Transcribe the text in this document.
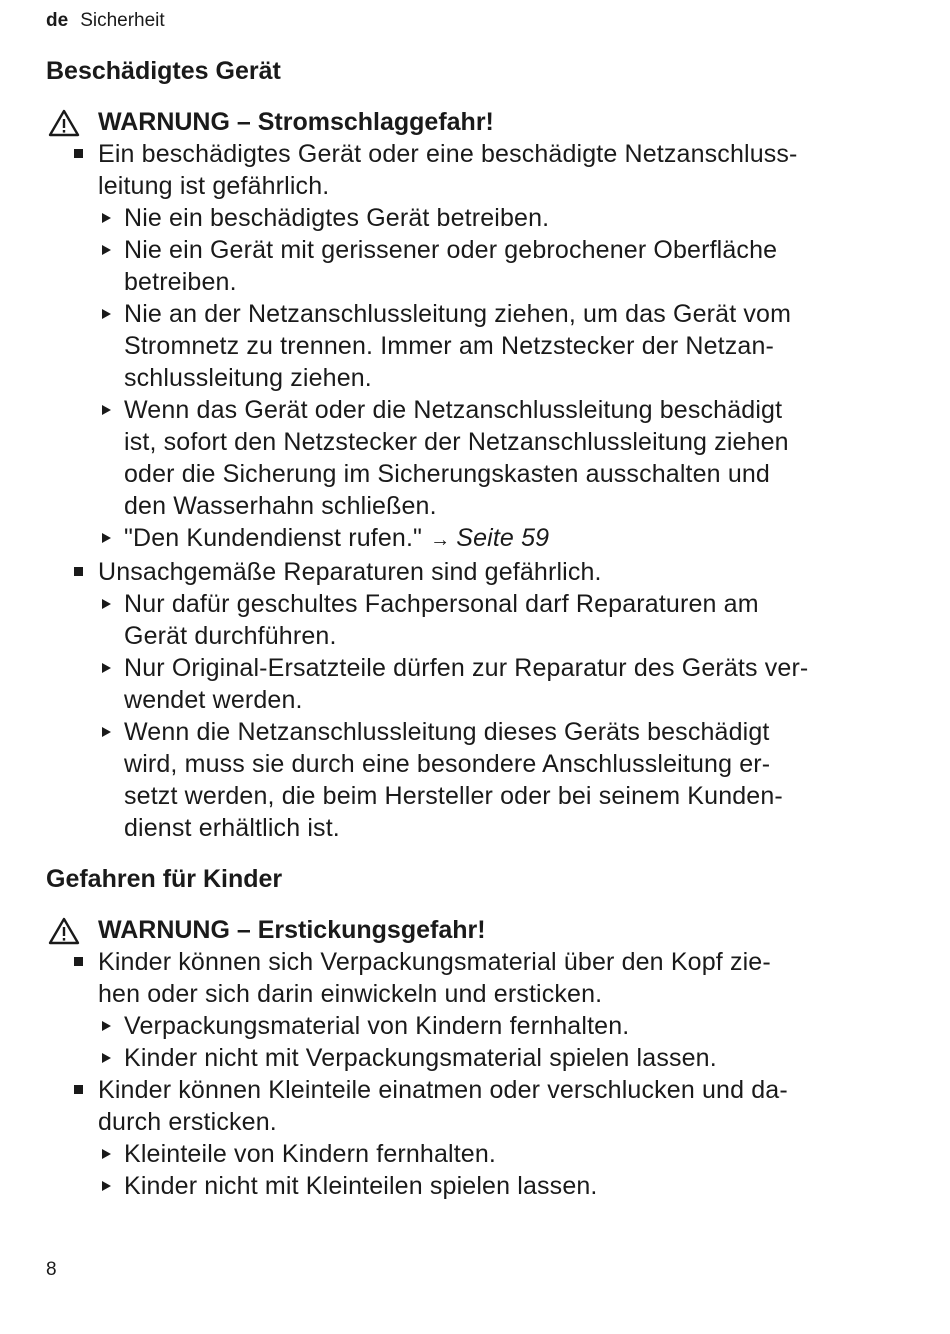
de Sicherheit
Beschädigtes Gerät
WARNUNG – Stromschlaggefahr!
Ein beschädigtes Gerät oder eine beschädigte Netzanschluss-
leitung ist gefährlich.
Nie ein beschädigtes Gerät betreiben.
Nie ein Gerät mit gerissener oder gebrochener Oberfläche
betreiben.
Nie an der Netzanschlussleitung ziehen, um das Gerät vom
Stromnetz zu trennen. Immer am Netzstecker der Netzan-
schlussleitung ziehen.
Wenn das Gerät oder die Netzanschlussleitung beschädigt
ist, sofort den Netzstecker der Netzanschlussleitung ziehen
oder die Sicherung im Sicherungskasten ausschalten und
den Wasserhahn schließen.
"Den Kundendienst rufen." → Seite 59
Unsachgemäße Reparaturen sind gefährlich.
Nur dafür geschultes Fachpersonal darf Reparaturen am
Gerät durchführen.
Nur Original-Ersatzteile dürfen zur Reparatur des Geräts ver-
wendet werden.
Wenn die Netzanschlussleitung dieses Geräts beschädigt
wird, muss sie durch eine besondere Anschlussleitung er-
setzt werden, die beim Hersteller oder bei seinem Kunden-
dienst erhältlich ist.
Gefahren für Kinder
WARNUNG – Erstickungsgefahr!
Kinder können sich Verpackungsmaterial über den Kopf zie-
hen oder sich darin einwickeln und ersticken.
Verpackungsmaterial von Kindern fernhalten.
Kinder nicht mit Verpackungsmaterial spielen lassen.
Kinder können Kleinteile einatmen oder verschlucken und da-
durch ersticken.
Kleinteile von Kindern fernhalten.
Kinder nicht mit Kleinteilen spielen lassen.
8
